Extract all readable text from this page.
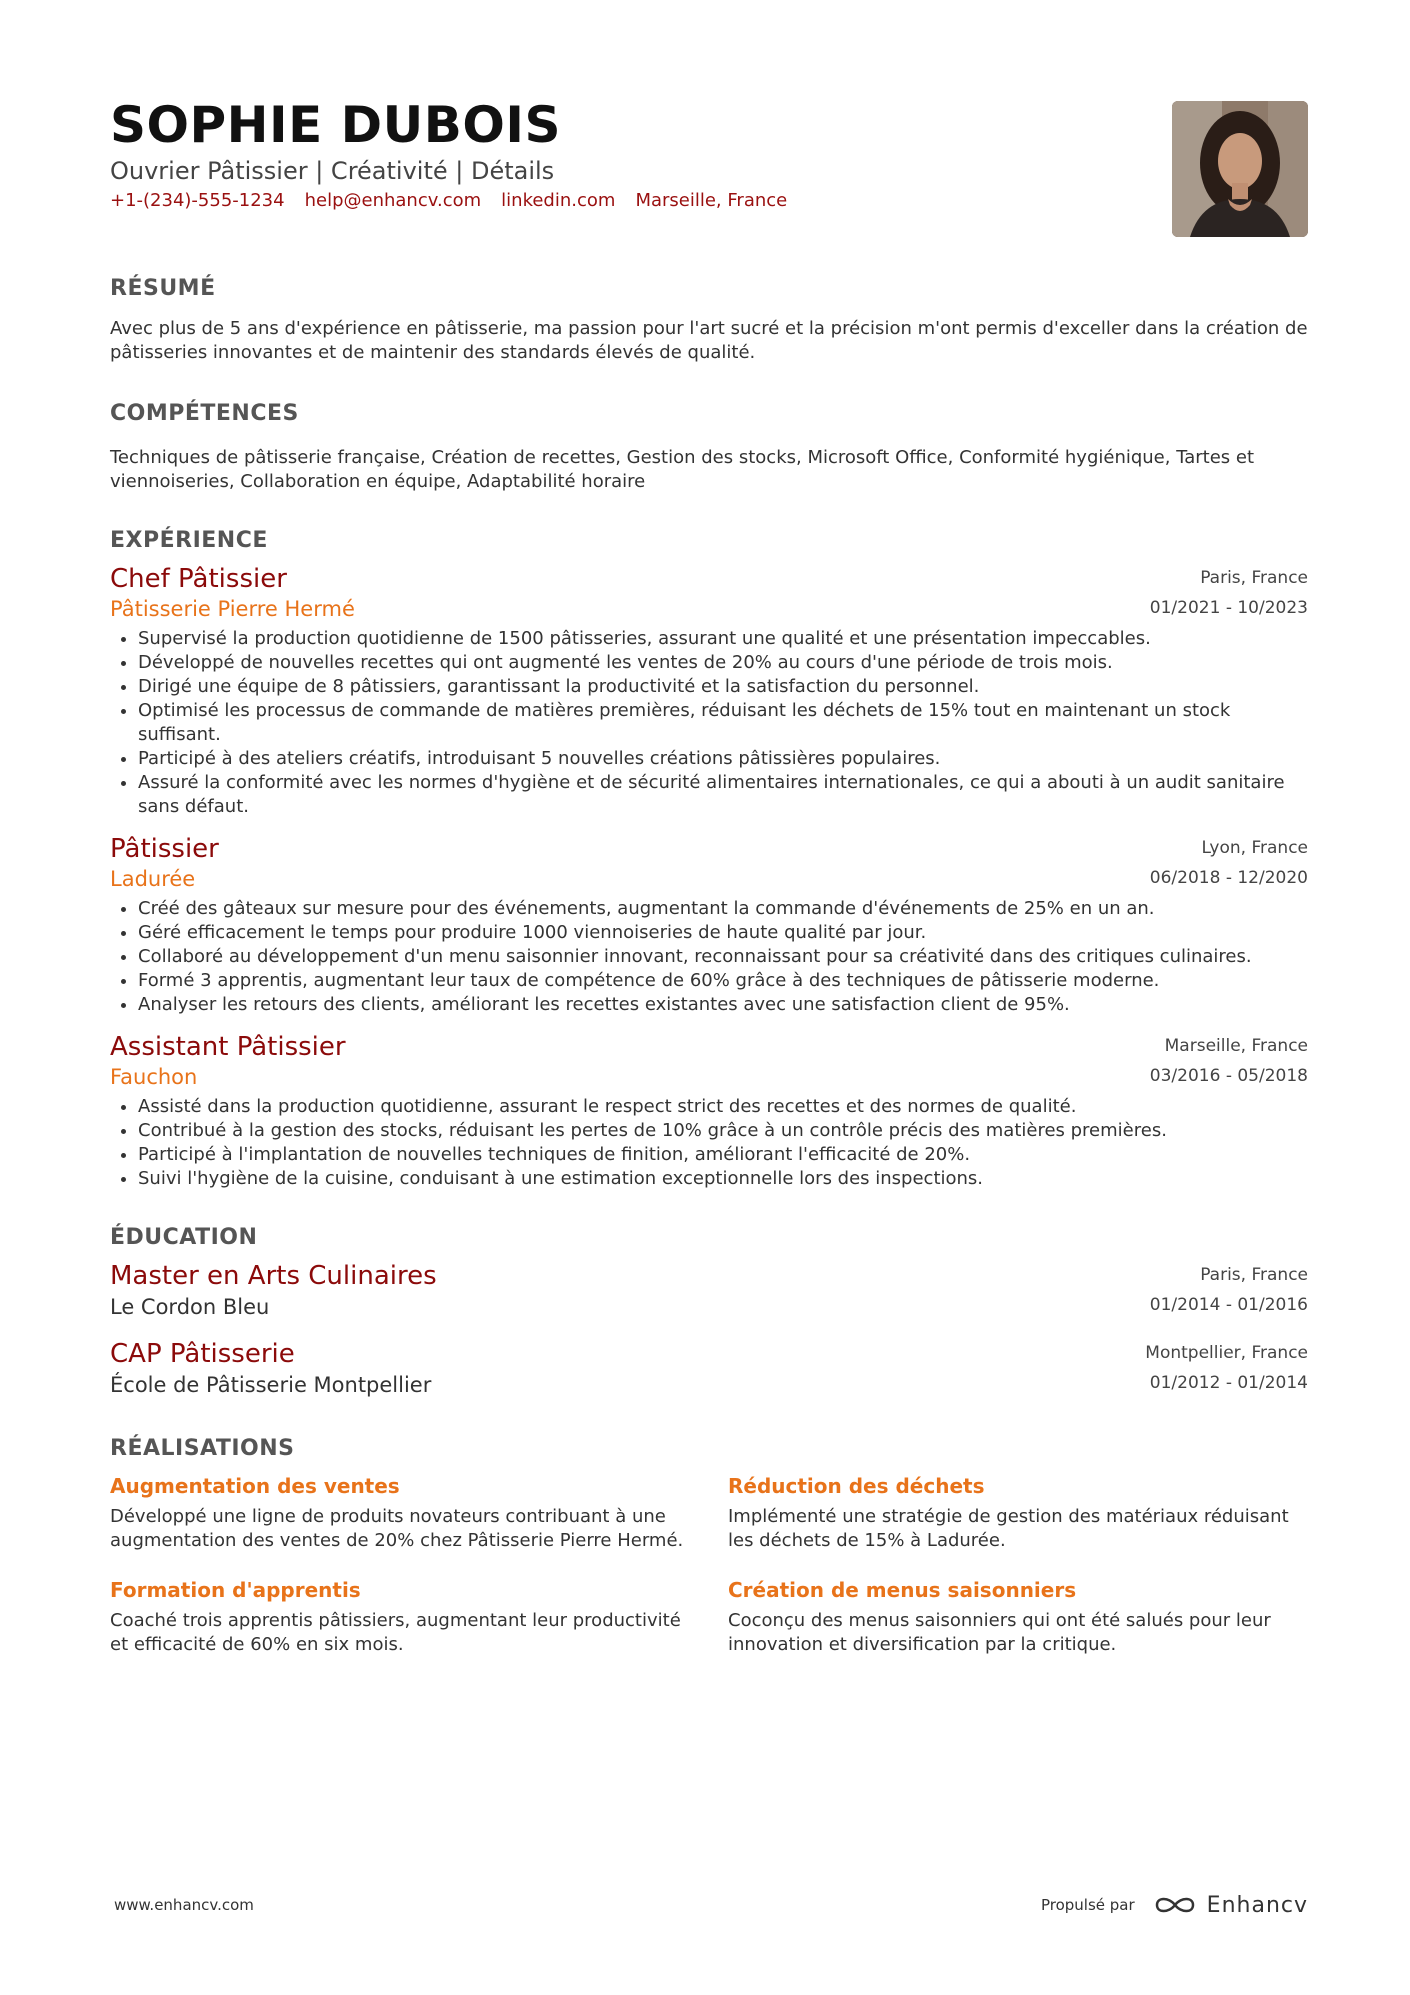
SOPHIE DUBOIS
Ouvrier Pâtissier | Créativité | Détails
+1-(234)-555-1234 help@enhancv.com linkedin.com Marseille, France
RÉSUMÉ
Avec plus de 5 ans d'expérience en pâtisserie, ma passion pour l'art sucré et la précision m'ont permis d'exceller dans la création de pâtisseries innovantes et de maintenir des standards élevés de qualité.
COMPÉTENCES
Techniques de pâtisserie française, Création de recettes, Gestion des stocks, Microsoft Office, Conformité hygiénique, Tartes et viennoiseries, Collaboration en équipe, Adaptabilité horaire
EXPÉRIENCE
Chef Pâtissier
Pâtisserie Pierre Hermé
Paris, France
01/2021 - 10/2023
• Supervisé la production quotidienne de 1500 pâtisseries, assurant une qualité et une présentation impeccables.
• Développé de nouvelles recettes qui ont augmenté les ventes de 20% au cours d'une période de trois mois.
• Dirigé une équipe de 8 pâtissiers, garantissant la productivité et la satisfaction du personnel.
• Optimisé les processus de commande de matières premières, réduisant les déchets de 15% tout en maintenant un stock suffisant.
• Participé à des ateliers créatifs, introduisant 5 nouvelles créations pâtissières populaires.
• Assuré la conformité avec les normes d'hygiène et de sécurité alimentaires internationales, ce qui a abouti à un audit sanitaire sans défaut.
Pâtissier
Ladurée
Lyon, France
06/2018 - 12/2020
• Créé des gâteaux sur mesure pour des événements, augmentant la commande d'événements de 25% en un an.
• Géré efficacement le temps pour produire 1000 viennoiseries de haute qualité par jour.
• Collaboré au développement d'un menu saisonnier innovant, reconnaissant pour sa créativité dans des critiques culinaires.
• Formé 3 apprentis, augmentant leur taux de compétence de 60% grâce à des techniques de pâtisserie moderne.
• Analyser les retours des clients, améliorant les recettes existantes avec une satisfaction client de 95%.
Assistant Pâtissier
Fauchon
Marseille, France
03/2016 - 05/2018
• Assisté dans la production quotidienne, assurant le respect strict des recettes et des normes de qualité.
• Contribué à la gestion des stocks, réduisant les pertes de 10% grâce à un contrôle précis des matières premières.
• Participé à l'implantation de nouvelles techniques de finition, améliorant l'efficacité de 20%.
• Suivi l'hygiène de la cuisine, conduisant à une estimation exceptionnelle lors des inspections.
ÉDUCATION
Master en Arts Culinaires
Le Cordon Bleu
Paris, France
01/2014 - 01/2016
CAP Pâtisserie
École de Pâtisserie Montpellier
Montpellier, France
01/2012 - 01/2014
RÉALISATIONS
Augmentation des ventes
Développé une ligne de produits novateurs contribuant à une augmentation des ventes de 20% chez Pâtisserie Pierre Hermé.
Réduction des déchets
Implémenté une stratégie de gestion des matériaux réduisant les déchets de 15% à Ladurée.
Formation d'apprentis
Coaché trois apprentis pâtissiers, augmentant leur productivité et efficacité de 60% en six mois.
Création de menus saisonniers
Coconçu des menus saisonniers qui ont été salués pour leur innovation et diversification par la critique.
www.enhancv.com	Propulsé par	Enhancv
